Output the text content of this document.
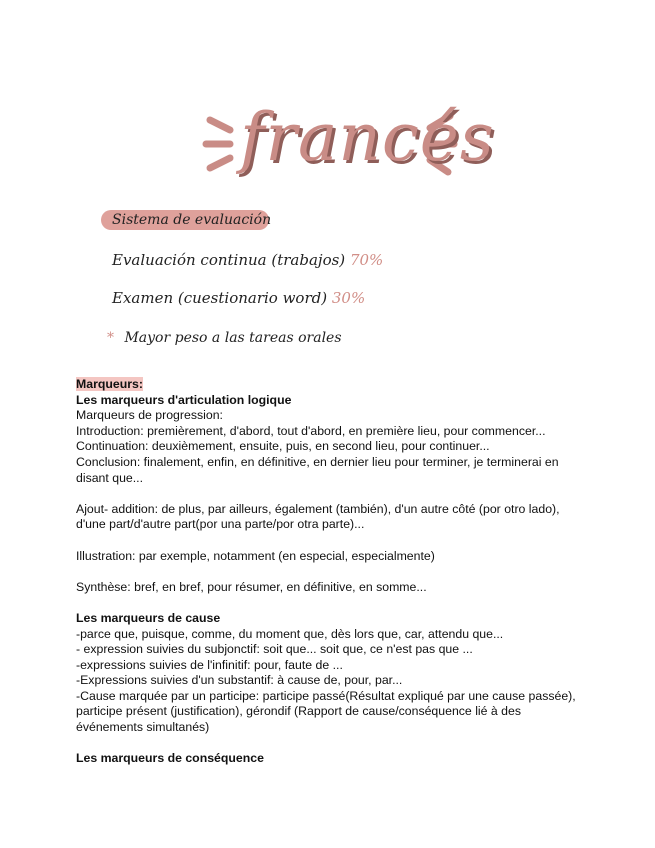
francés
Sistema de evaluación
Evaluación continua (trabajos) 70%
Examen (cuestionario word) 30%
* Mayor peso a las tareas orales

Marqueurs:

Les marqueurs d'articulation logique

Marqueurs de progression:

Introduction: premièrement, d'abord, tout d'abord, en première lieu, pour commencer...

Continuation: deuxièmement, ensuite, puis, en second lieu, pour continuer...

Conclusion: finalement, enfin, en définitive, en dernier lieu pour terminer, je terminerai en disant que...

Ajout- addition: de plus, par ailleurs, également (también), d'un autre côté (por otro lado), d'une part/d'autre part(por una parte/por otra parte)...

Illustration: par exemple, notamment (en especial, especialmente)

Synthèse: bref, en bref, pour résumer, en définitive, en somme...

Les marqueurs de cause

-parce que, puisque, comme, du moment que, dès lors que, car, attendu que...

- expression suivies du subjonctif: soit que... soit que, ce n'est pas que ...

-expressions suivies de l'infinitif: pour, faute de ...

-Expressions suivies d'un substantif: à cause de, pour, par...

-Cause marquée par un participe: participe passé(Résultat expliqué par une cause passée), participe présent (justification), gérondif (Rapport de cause/conséquence lié à des événements simultanés)

Les marqueurs de conséquence
